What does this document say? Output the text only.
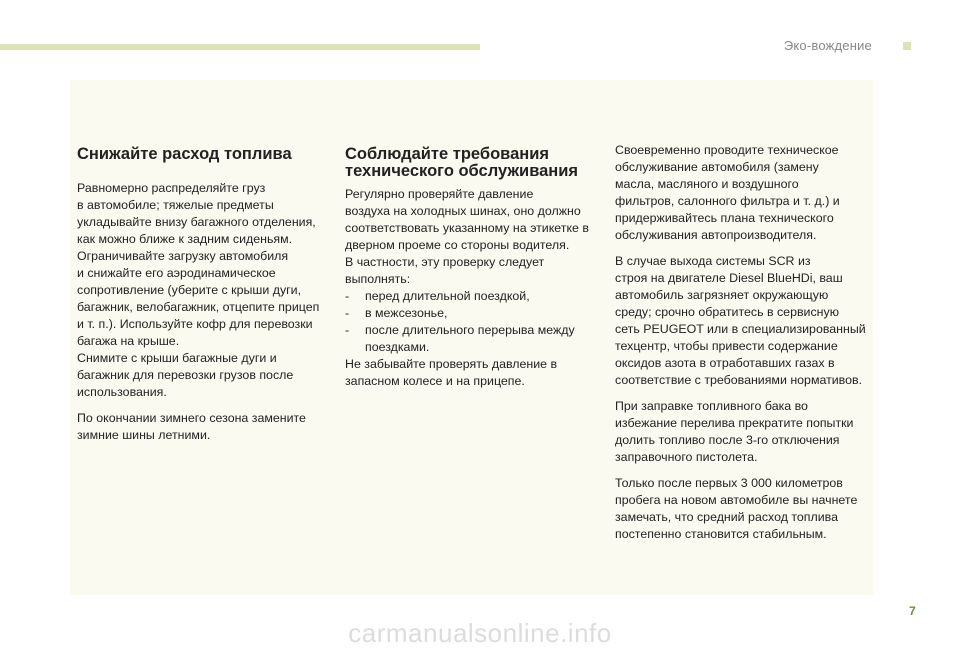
Эко-вождение
Снижайте расход топлива

Равномерно распределяйте груз

в автомобиле; тяжелые предметы

укладывайте внизу багажного отделения,

как можно ближе к задним сиденьям.

Ограничивайте загрузку автомобиля

и снижайте его аэродинамическое

сопротивление (уберите с крыши дуги,

багажник, велобагажник, отцепите прицеп

и т. п.). Используйте кофр для перевозки

багажа на крыше.

Снимите с крыши багажные дуги и

багажник для перевозки грузов после

использования.

По окончании зимнего сезона замените

зимние шины летними.

Соблюдайте требования
технического обслуживания

Регулярно проверяйте давление

воздуха на холодных шинах, оно должно

соответствовать указанному на этикетке в

дверном проеме со стороны водителя.

В частности, эту проверку следует

выполнять:

-	перед длительной поездкой,
-	в межсезонье,
-	после длительного перерыва между
поездками.

Не забывайте проверять давление в

запасном колесе и на прицепе.

Своевременно проводите техническое

обслуживание автомобиля (замену

масла, масляного и воздушного

фильтров, салонного фильтра и т. д.) и

придерживайтесь плана технического

обслуживания автопроизводителя.

В случае выхода системы SCR из

строя на двигателе Diesel BlueHDi, ваш

автомобиль загрязняет окружающую

среду; срочно обратитесь в сервисную

сеть PEUGEOT или в специализированный

техцентр, чтобы привести содержание

оксидов азота в отработавших газах в

соответствие с требованиями нормативов.

При заправке топливного бака во

избежание перелива прекратите попытки

долить топливо после 3-го отключения

заправочного пистолета.

Только после первых 3 000 километров

пробега на новом автомобиле вы начнете

замечать, что средний расход топлива

постепенно становится стабильным.

7
carmanualsonline.info
